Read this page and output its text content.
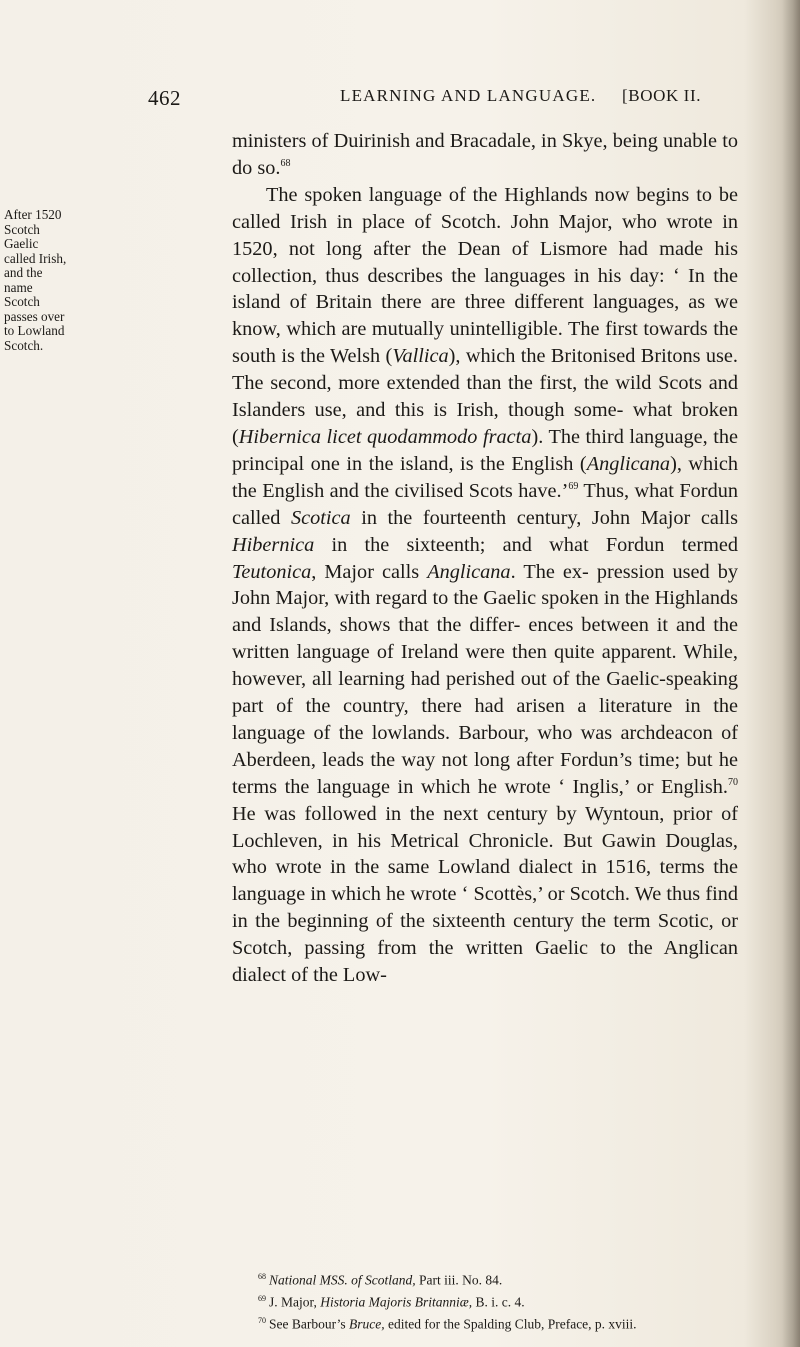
462	LEARNING AND LANGUAGE. [BOOK II.
After 1520
Scotch
Gaelic
called Irish,
and the
name
Scotch
passes over
to Lowland
Scotch.

ministers of Duirinish and Bracadale, in Skye, being unable to do so.$^{68}$

The spoken language of the Highlands now begins to be called Irish in place of Scotch. John Major, who wrote in 1520, not long after the Dean of Lismore had made his collection, thus describes the languages in his day: ‘ In the island of Britain there are three different languages, as we know, which are mutually unintelligible. The first towards the south is the Welsh (Vallica), which the Britonised Britons use. The second, more extended than the first, the wild Scots and Islanders use, and this is Irish, though some- what broken (Hibernica licet quodammodo fracta). The third language, the principal one in the island, is the English (Anglicana), which the English and the civilised Scots have.’$^{69}$ Thus, what Fordun called Scotica in the fourteenth century, John Major calls Hibernica in the sixteenth; and what Fordun termed Teutonica, Major calls Anglicana. The ex- pression used by John Major, with regard to the Gaelic spoken in the Highlands and Islands, shows that the differ- ences between it and the written language of Ireland were then quite apparent. While, however, all learning had perished out of the Gaelic-speaking part of the country, there had arisen a literature in the language of the lowlands. Barbour, who was archdeacon of Aberdeen, leads the way not long after Fordun’s time; but he terms the language in which he wrote ‘ Inglis,’ or English.$^{70}$ He was followed in the next century by Wyntoun, prior of Lochleven, in his Metrical Chronicle. But Gawin Douglas, who wrote in the same Lowland dialect in 1516, terms the language in which he wrote ‘ Scottès,’ or Scotch. We thus find in the beginning of the sixteenth century the term Scotic, or Scotch, passing from the written Gaelic to the Anglican dialect of the Low-

$^{68}$ National MSS. of Scotland, Part iii. No. 84.
$^{69}$ J. Major, Historia Majoris Britanniæ, B. i. c. 4.
$^{70}$ See Barbour’s Bruce, edited for the Spalding Club, Preface, p. xviii.
